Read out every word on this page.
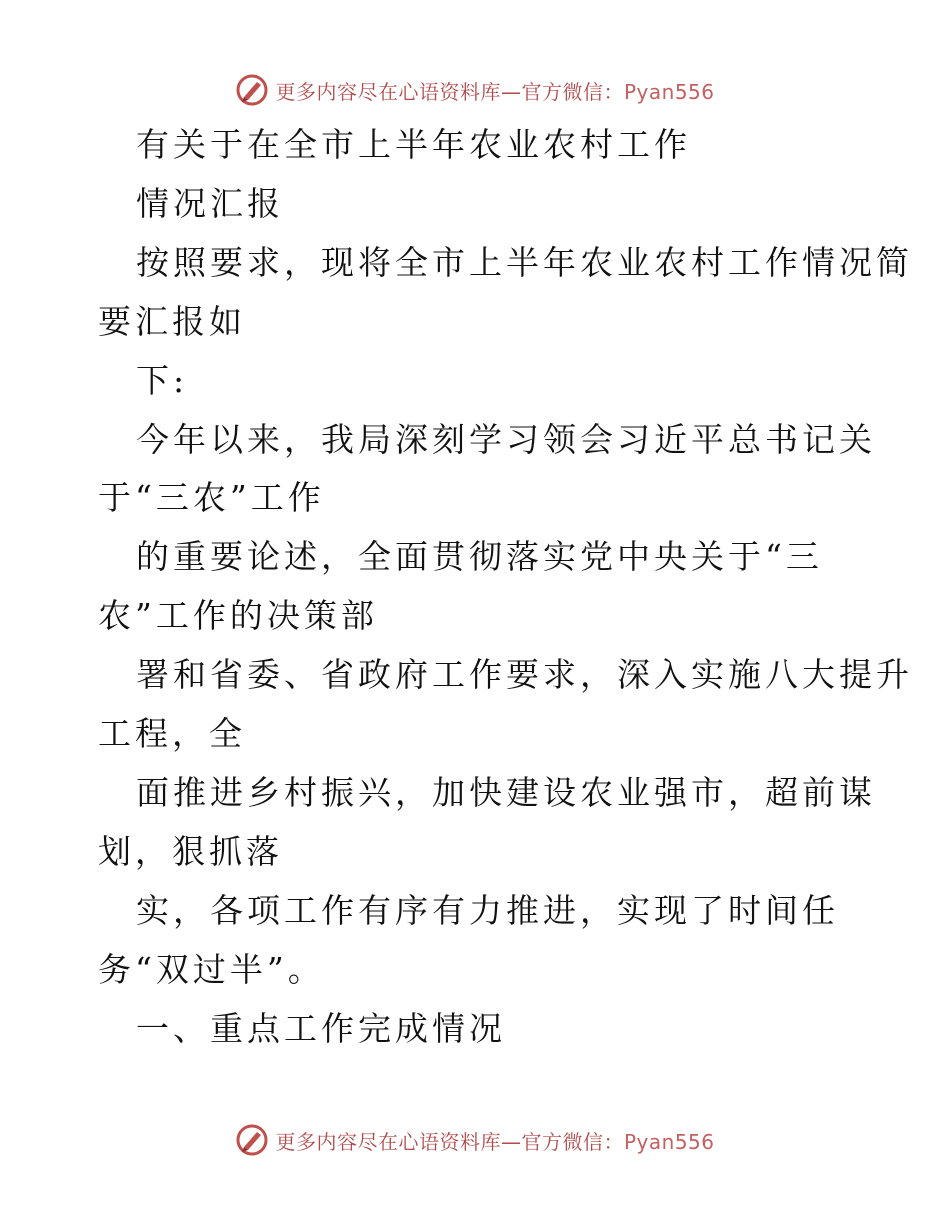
更多内容尽在心语资料库—官方微信：Pyan556
有关于在全市上半年农业农村工作
情况汇报
按照要求，现将全市上半年农业农村工作情况简
要汇报如
下:
今年以来，我局深刻学习领会习近平总书记关
于“三农”工作
的重要论述，全面贯彻落实党中央关于“三
农”工作的决策部
署和省委、省政府工作要求，深入实施八大提升
工程，全
面推进乡村振兴，加快建设农业强市，超前谋
划，狠抓落
实，各项工作有序有力推进，实现了时间任
务“双过半”。
一、重点工作完成情况
更多内容尽在心语资料库—官方微信：Pyan556
